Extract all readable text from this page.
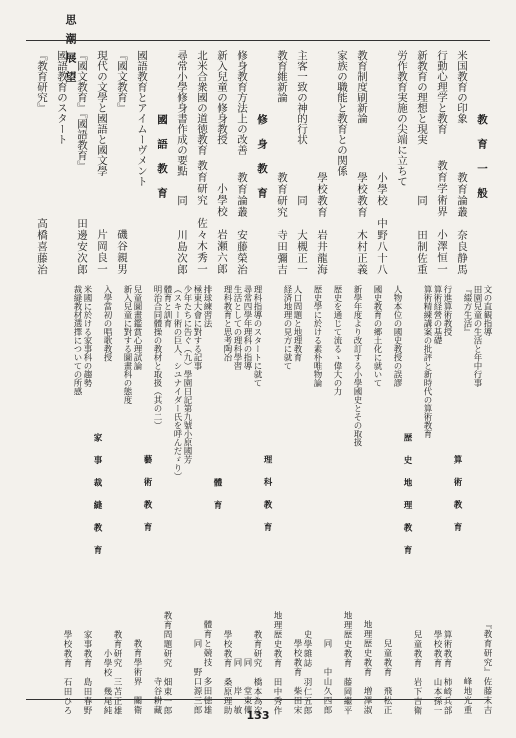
思潮展望
教育一般
米国教育の印象
教育論叢　奈良静馬
行動心理学と教育
教育学術界　小澤恒一
新教育の理想と現実
同　　田制佐重
労作教育実施の尖端に立ちて
小學校　中野八十八
教育制度刷新論
學校教育　木村正義
家族の職能と教育との関係
學校教育　岩井龍海
主客一致の神的行状
同　　大槻正一
教育維新論
教育研究　寺田彌吉
修身教育
修身教育方法上の改善
教育論叢　安藤榮治
新入兒童の修身教授
小學校　岩瀬六郎
北米合衆國の道徳教育
教育研究　佐々木秀一
尋常小學修身書作成の要點
同　　川島次郎
國語教育
國語教育とアイムーヴメント
『國文教育』
磯谷親男
現代の文學と國語と國文學
片岡良一
『國文教育』『國語教育』
田邊安次郎
國語教育のスタート
『教育研究』
高橋喜藤治
文の直観指導
『教育研究』佐藤末吉
田園兒童の生活と年中行事
『綴方生活』
峰地光重
算術教育
行進算術教授
算術教育　柿崎兵部
算術経營の基礎
學校教育　山本孫一
算術精練講案の批評と新時代の算術教育
兒童教育　岩下吉衛
歴史地理教育
人物本位の國史教授の誤謬
兒童教育　飛松正
國史教育の郷土化に就いて
地理歴史教育　増澤淑
新學年度より改訂する小學國史とその取扱
地理歴史教育　藤岡繼平
歴史を通じて流るゝ偉大の力
同　　中山久四郎
歴史學に於ける素朴唯物論
史學雜誌　羽仁五郎
人口問題と地理教育
學校教育　柴田宋
経済地理の見方に就て
地理歴史教育　田中秀作
理科教育
理科指導のスタートに就て
教育研究　橋本為次
尋常四學年理科の指導
同　　堂東傳
生活としての理科學習
同　　岸一敏
理科教育と思考陶冶
學校教育　桑原理助
體育
排球練習法
體育と競技　多田徳雄
極東大會に對する記事
同　　野口源三郎
少年たちに告ぐ（九）學園日記第九號小原國芳
（スキー術の巨人、シユナイダー氏を呼んだゞり）
體育と訓育
教育問題研究　畑東一郎
明治合同體操の教材と取扱（其の二）
寺谷耕藏
藝術教育
兒童圖畫鑑賞心理試論
教育學術界　關衛
新入兒童に對する圖畫科の態度
教育研究　三苫正雄
入學當初の唱歌教授
小學校　幾尾純
家事裁縫教育
米國に於ける家事科の趨勢
家事教育　島田春野
裁縫教材選擇についての所感
學校教育　石田ひろ
133
